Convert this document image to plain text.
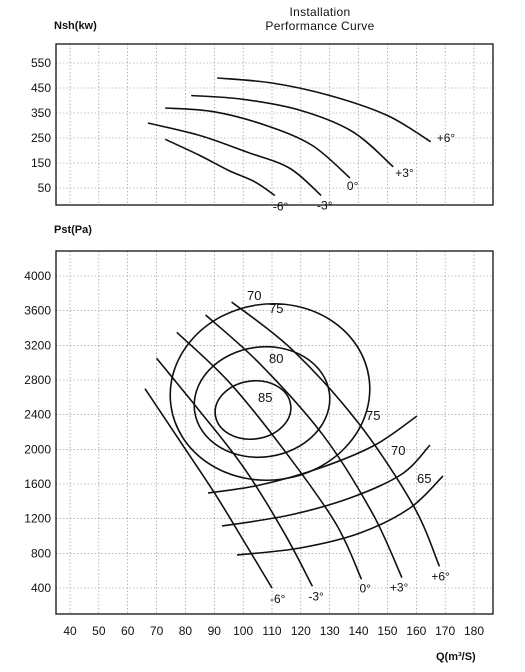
Installation
Performance Curve
Nsh(kw)
Pst(Pa)
Q(m³/S)
50
150
250
350
450
550
-6° -3°
0°
+3°
+6°
400
800
1200
1600
2000
2400
2800
3200
3600
4000
40 50 60 70 80 90 100 110 120 130 140 150 160 170 180
-6° -3°
0° +3°
+6°
70
75
80
85
75
70
65
